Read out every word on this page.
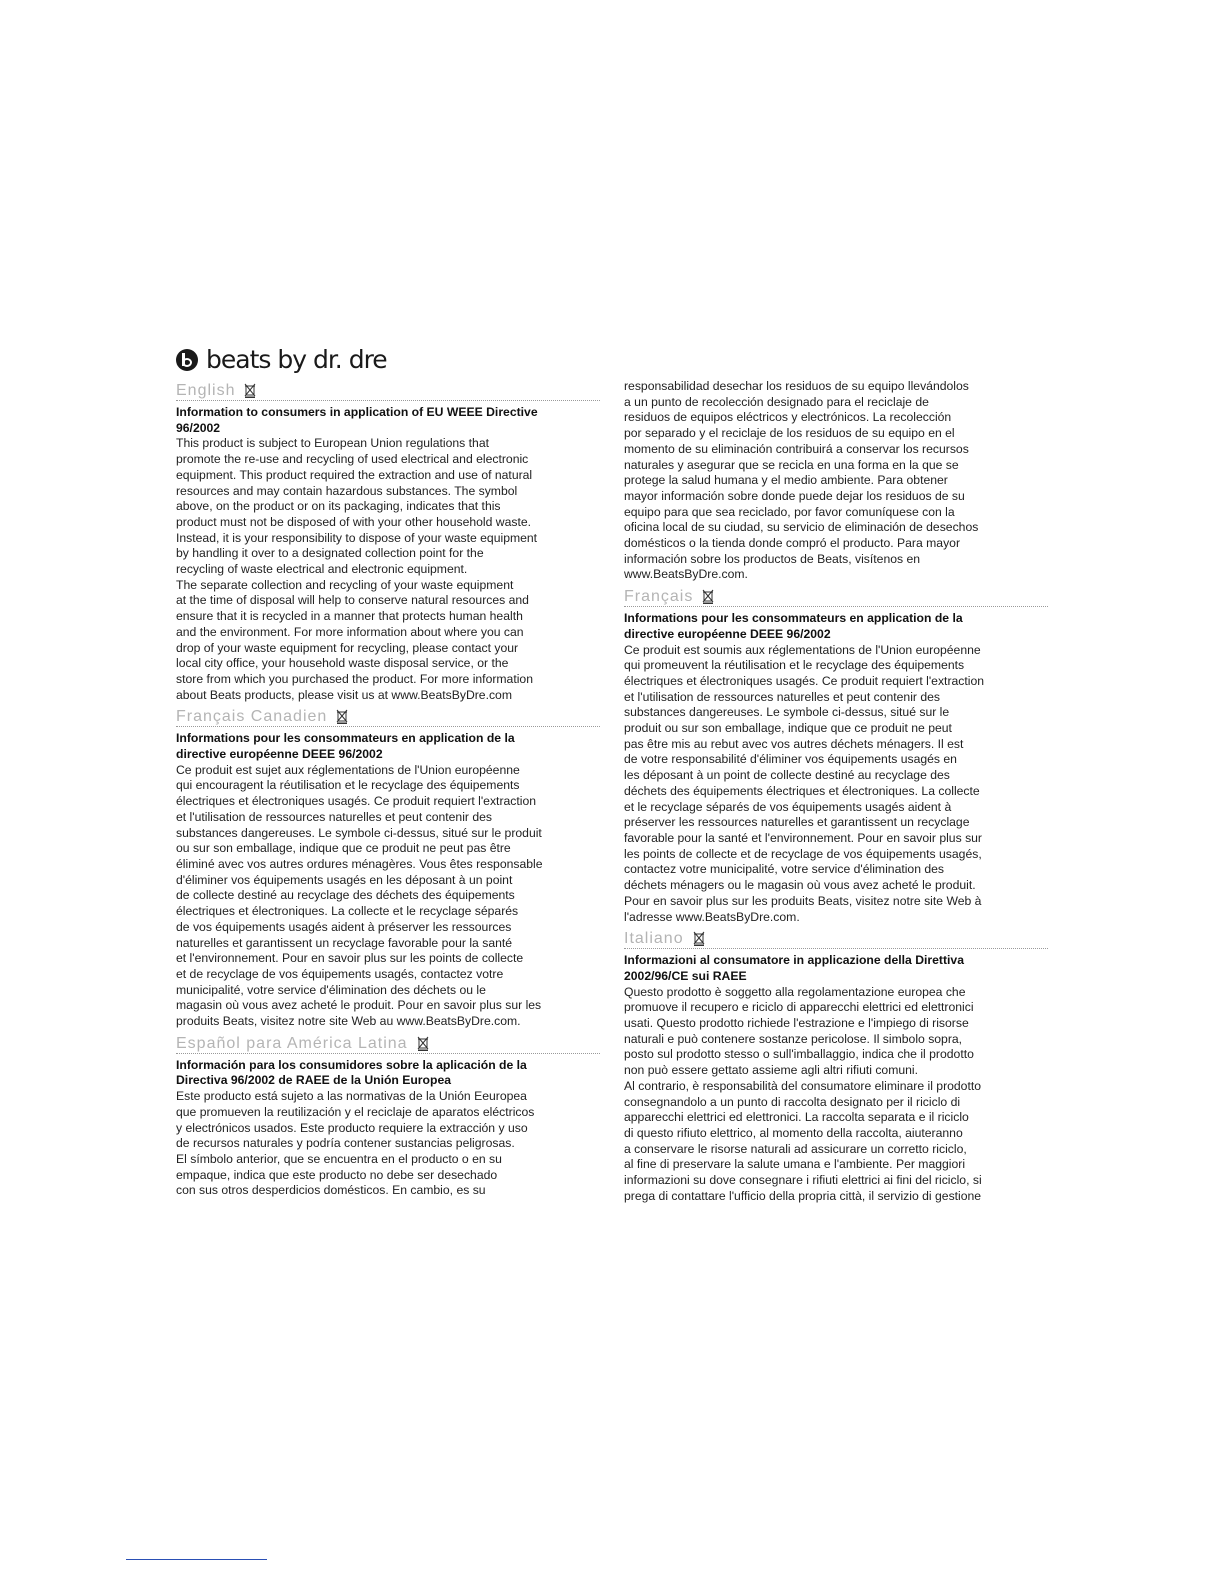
beats by dr. dre
English

Information to consumers in application of EU WEEE Directive
96/2002

This product is subject to European Union regulations that
promote the re-use and recycling of used electrical and electronic
equipment. This product required the extraction and use of natural
resources and may contain hazardous substances. The symbol
above, on the product or on its packaging, indicates that this
product must not be disposed of with your other household waste.
Instead, it is your responsibility to dispose of your waste equipment
by handling it over to a designated collection point for the
recycling of waste electrical and electronic equipment.
The separate collection and recycling of your waste equipment
at the time of disposal will help to conserve natural resources and
ensure that it is recycled in a manner that protects human health
and the environment. For more information about where you can
drop of your waste equipment for recycling, please contact your
local city office, your household waste disposal service, or the
store from which you purchased the product. For more information
about Beats products, please visit us at www.BeatsByDre.com

Français Canadien

Informations pour les consommateurs en application de la
directive européenne DEEE 96/2002

Ce produit est sujet aux réglementations de l'Union européenne
qui encouragent la réutilisation et le recyclage des équipements
électriques et électroniques usagés. Ce produit requiert l'extraction
et l'utilisation de ressources naturelles et peut contenir des
substances dangereuses. Le symbole ci-dessus, situé sur le produit
ou sur son emballage, indique que ce produit ne peut pas être
éliminé avec vos autres ordures ménagères. Vous êtes responsable
d'éliminer vos équipements usagés en les déposant à un point
de collecte destiné au recyclage des déchets des équipements
électriques et électroniques. La collecte et le recyclage séparés
de vos équipements usagés aident à préserver les ressources
naturelles et garantissent un recyclage favorable pour la santé
et l'environnement. Pour en savoir plus sur les points de collecte
et de recyclage de vos équipements usagés, contactez votre
municipalité, votre service d'élimination des déchets ou le
magasin où vous avez acheté le produit. Pour en savoir plus sur les
produits Beats, visitez notre site Web au www.BeatsByDre.com.

Español para América Latina

Información para los consumidores sobre la aplicación de la
Directiva 96/2002 de RAEE de la Unión Europea

Este producto está sujeto a las normativas de la Unión Eeuropea
que promueven la reutilización y el reciclaje de aparatos eléctricos
y electrónicos usados. Este producto requiere la extracción y uso
de recursos naturales y podría contener sustancias peligrosas.
El símbolo anterior, que se encuentra en el producto o en su
empaque, indica que este producto no debe ser desechado
con sus otros desperdicios domésticos. En cambio, es su

responsabilidad desechar los residuos de su equipo llevándolos
a un punto de recolección designado para el reciclaje de
residuos de equipos eléctricos y electrónicos. La recolección
por separado y el reciclaje de los residuos de su equipo en el
momento de su eliminación contribuirá a conservar los recursos
naturales y asegurar que se recicla en una forma en la que se
protege la salud humana y el medio ambiente. Para obtener
mayor información sobre donde puede dejar los residuos de su
equipo para que sea reciclado, por favor comuníquese con la
oficina local de su ciudad, su servicio de eliminación de desechos
domésticos o la tienda donde compró el producto. Para mayor
información sobre los productos de Beats, visítenos en
www.BeatsByDre.com.

Français

Informations pour les consommateurs en application de la
directive européenne DEEE 96/2002

Ce produit est soumis aux réglementations de l'Union européenne
qui promeuvent la réutilisation et le recyclage des équipements
électriques et électroniques usagés. Ce produit requiert l'extraction
et l'utilisation de ressources naturelles et peut contenir des
substances dangereuses. Le symbole ci-dessus, situé sur le
produit ou sur son emballage, indique que ce produit ne peut
pas être mis au rebut avec vos autres déchets ménagers. Il est
de votre responsabilité d'éliminer vos équipements usagés en
les déposant à un point de collecte destiné au recyclage des
déchets des équipements électriques et électroniques. La collecte
et le recyclage séparés de vos équipements usagés aident à
préserver les ressources naturelles et garantissent un recyclage
favorable pour la santé et l'environnement. Pour en savoir plus sur
les points de collecte et de recyclage de vos équipements usagés,
contactez votre municipalité, votre service d'élimination des
déchets ménagers ou le magasin où vous avez acheté le produit.
Pour en savoir plus sur les produits Beats, visitez notre site Web à
l'adresse www.BeatsByDre.com.

Italiano

Informazioni al consumatore in applicazione della Direttiva
2002/96/CE sui RAEE

Questo prodotto è soggetto alla regolamentazione europea che
promuove il recupero e riciclo di apparecchi elettrici ed elettronici
usati. Questo prodotto richiede l'estrazione e l'impiego di risorse
naturali e può contenere sostanze pericolose. Il simbolo sopra,
posto sul prodotto stesso o sull'imballaggio, indica che il prodotto
non può essere gettato assieme agli altri rifiuti comuni.
Al contrario, è responsabilità del consumatore eliminare il prodotto
consegnandolo a un punto di raccolta designato per il riciclo di
apparecchi elettrici ed elettronici. La raccolta separata e il riciclo
di questo rifiuto elettrico, al momento della raccolta, aiuteranno
a conservare le risorse naturali ad assicurare un corretto riciclo,
al fine di preservare la salute umana e l'ambiente. Per maggiori
informazioni su dove consegnare i rifiuti elettrici ai fini del riciclo, si
prega di contattare l'ufficio della propria città, il servizio di gestione
